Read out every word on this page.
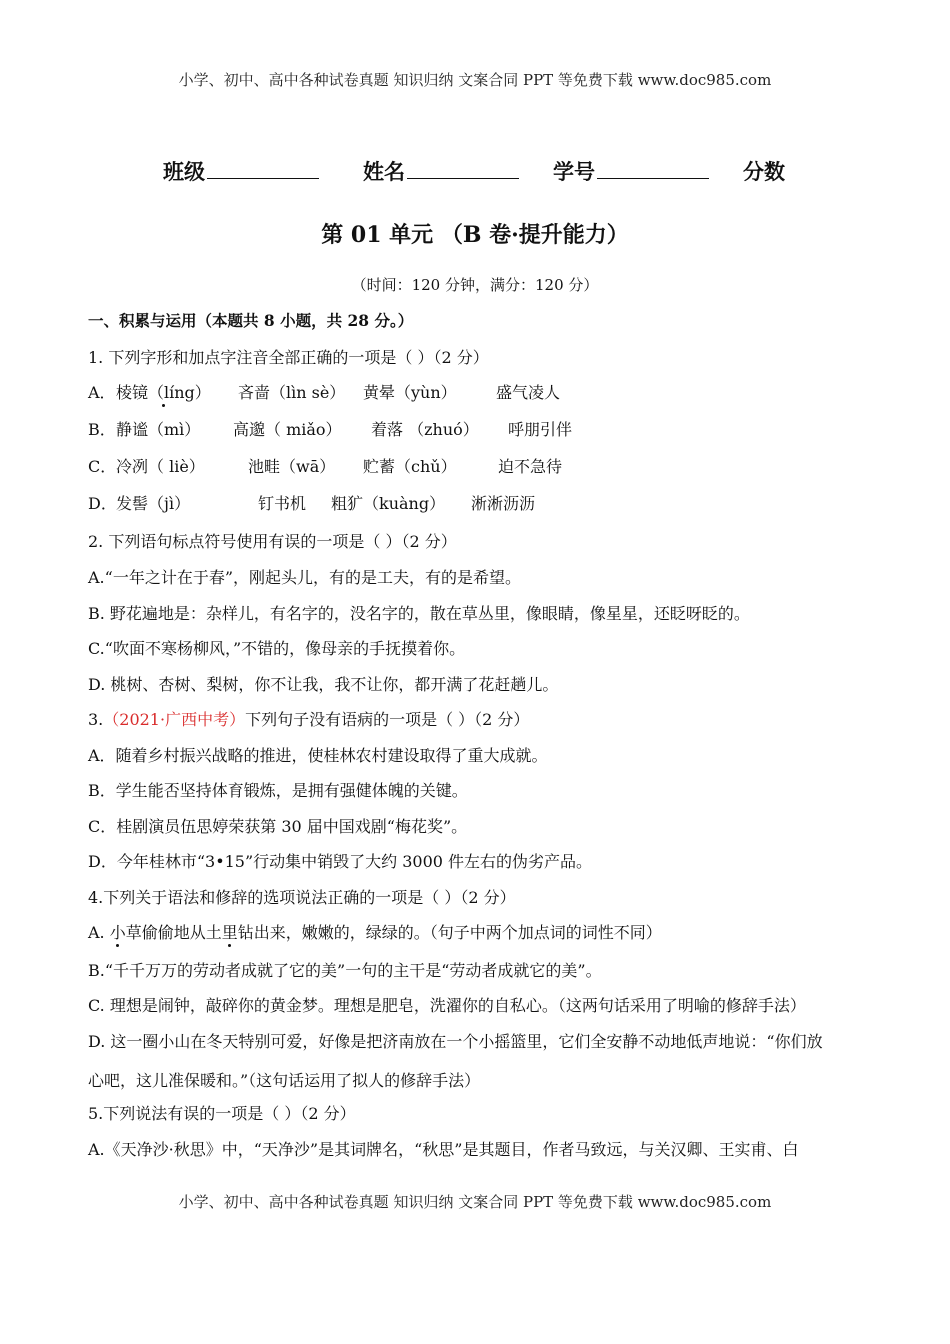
小学、初中、高中各种试卷真题 知识归纳 文案合同 PPT 等免费下载 www.doc985.com
班级	姓名	学号	分数
第 01 单元 （B 卷·提升能力）
（时间：120 分钟，满分：120 分）
一、积累与运用（本题共 8 小题，共 28 分。）
1. 下列字形和加点字注音全部正确的一项是（ ）（2 分）
A． 棱镜（líng） 吝啬（lìn sè） 黄晕（yùn） 盛气凌人
B． 静谧（mì） 高邈（ miǎo） 着落 （zhuó） 呼朋引伴
C． 冷冽（ liè）	池畦（wā） 贮蓄（chǔ）	迫不急待
D． 发髻（jì）	钉书机 粗犷（kuàng） 淅淅沥沥
2. 下列语句标点符号使用有误的一项是（ ）（2 分）
A.“一年之计在于春”，刚起头儿，有的是工夫，有的是希望。
B. 野花遍地是：杂样儿，有名字的，没名字的，散在草丛里，像眼睛，像星星，还眨呀眨的。
C.“吹面不寒杨柳风，”不错的，像母亲的手抚摸着你。
D. 桃树、杏树、梨树，你不让我，我不让你，都开满了花赶趟儿。
3.（2021·广西中考）下列句子没有语病的一项是（ ）（2 分）
A．随着乡村振兴战略的推进，使桂林农村建设取得了重大成就。
B．学生能否坚持体育锻炼，是拥有强健体魄的关键。
C．桂剧演员伍思婷荣获第 30 届中国戏剧“梅花奖”。
D．今年桂林市“3•15”行动集中销毁了大约 3000 件左右的伪劣产品。
4.下列关于语法和修辞的选项说法正确的一项是（ ）（2 分）
A. 小草偷偷地从土里钻出来，嫩嫩的，绿绿的。（句子中两个加点词的词性不同）
B.“千千万万的劳动者成就了它的美”一句的主干是“劳动者成就它的美”。
C. 理想是闹钟，敲碎你的黄金梦。理想是肥皂，洗濯你的自私心。（这两句话采用了明喻的修辞手法）
D. 这一圈小山在冬天特别可爱，好像是把济南放在一个小摇篮里，它们全安静不动地低声地说：“你们放
心吧，这儿准保暖和。”（这句话运用了拟人的修辞手法）
5.下列说法有误的一项是（ ）（2 分）
A.《天净沙·秋思》中，“天净沙”是其词牌名，“秋思”是其题目，作者马致远，与关汉卿、王实甫、白
小学、初中、高中各种试卷真题 知识归纳 文案合同 PPT 等免费下载 www.doc985.com
